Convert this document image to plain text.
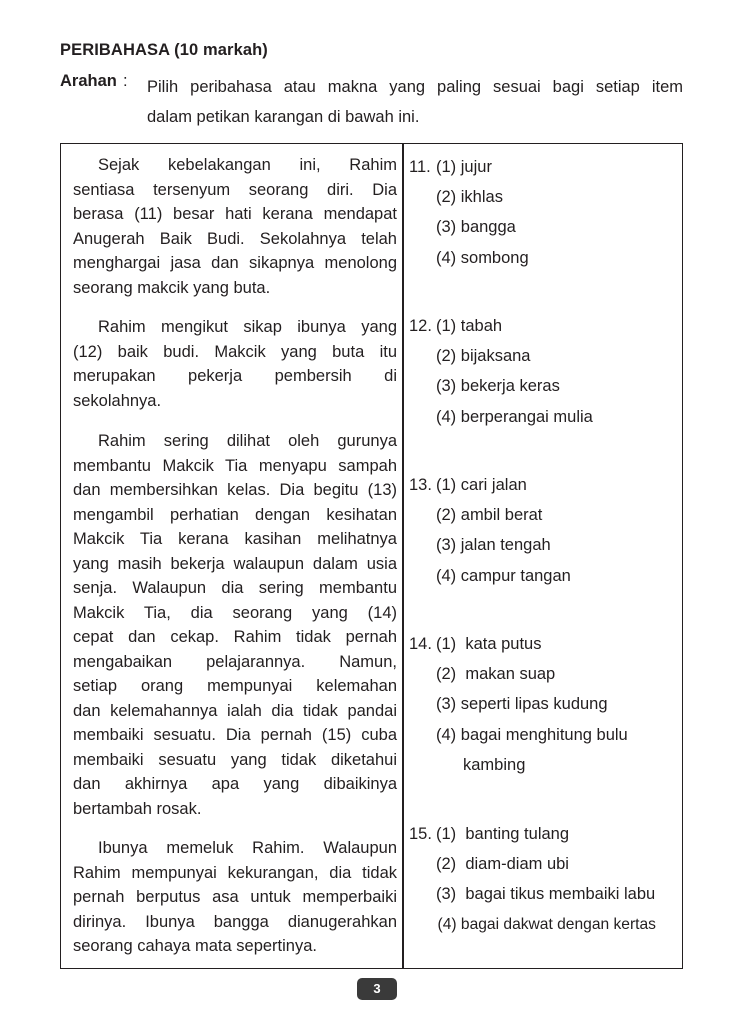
PERIBAHASA (10 markah)
Arahan : Pilih peribahasa atau makna yang paling sesuai bagi setiap item
dalam petikan karangan di bawah ini.
Sejak kebelakangan ini, Rahim
sentiasa tersenyum seorang diri. Dia
berasa (11) besar hati kerana mendapat
Anugerah Baik Budi. Sekolahnya telah
menghargai jasa dan sikapnya menolong
seorang makcik yang buta.
Rahim mengikut sikap ibunya yang
(12) baik budi. Makcik yang buta itu
merupakan pekerja pembersih di
sekolahnya.
Rahim sering dilihat oleh gurunya
membantu Makcik Tia menyapu sampah
dan membersihkan kelas. Dia begitu (13)
mengambil perhatian dengan kesihatan
Makcik Tia kerana kasihan melihatnya
yang masih bekerja walaupun dalam usia
senja. Walaupun dia sering membantu
Makcik Tia, dia seorang yang (14)
cepat dan cekap. Rahim tidak pernah
mengabaikan pelajarannya. Namun,
setiap orang mempunyai kelemahan
dan kelemahannya ialah dia tidak pandai
membaiki sesuatu. Dia pernah (15) cuba
membaiki sesuatu yang tidak diketahui
dan akhirnya apa yang dibaikinya
bertambah rosak.
Ibunya memeluk Rahim. Walaupun
Rahim mempunyai kekurangan, dia tidak
pernah berputus asa untuk memperbaiki
dirinya. Ibunya bangga dianugerahkan
seorang cahaya mata sepertinya.
11. (1) jujur
(2) ikhlas
(3) bangga
(4) sombong
12. (1) tabah
(2) bijaksana
(3) bekerja keras
(4) berperangai mulia
13. (1) cari jalan
(2) ambil berat
(3) jalan tengah
(4) campur tangan
14. (1) kata putus
(2) makan suap
(3) seperti lipas kudung
(4) bagai menghitung bulu
kambing
15. (1) banting tulang
(2) diam-diam ubi
(3) bagai tikus membaiki labu
(4) bagai dakwat dengan kertas
3
